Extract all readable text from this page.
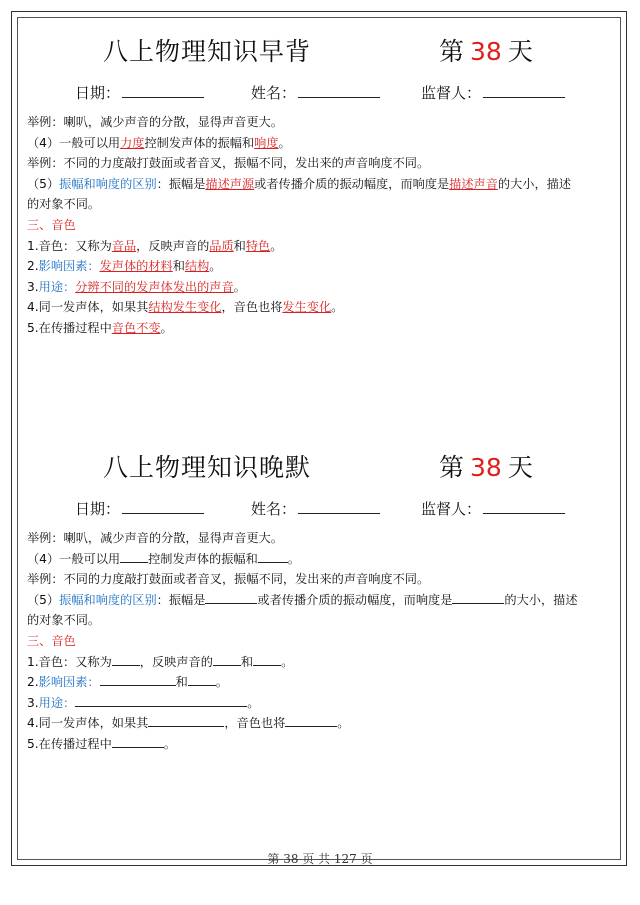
八上物理知识早背	第 38 天
日期：	姓名：	监督人：
举例：喇叭，减少声音的分散，显得声音更大。
（4）一般可以用力度控制发声体的振幅和响度。
举例：不同的力度敲打鼓面或者音叉，振幅不同，发出来的声音响度不同。
（5）振幅和响度的区别：振幅是描述声源或者传播介质的振动幅度，而响度是描述声音的大小，描述
的对象不同。
三、音色
1.音色：又称为音品，反映声音的品质和特色。
2.影响因素：发声体的材料和结构。
3.用途：分辨不同的发声体发出的声音。
4.同一发声体，如果其结构发生变化，音色也将发生变化。
5.在传播过程中音色不变。
八上物理知识晚默	第 38 天
日期：	姓名：	监督人：
举例：喇叭，减少声音的分散，显得声音更大。
（4）一般可以用 控制发声体的振幅和 。
举例：不同的力度敲打鼓面或者音叉，振幅不同，发出来的声音响度不同。
（5）振幅和响度的区别：振幅是	或者传播介质的振动幅度，而响度是	的大小，描述
的对象不同。
三、音色
1.音色：又称为 ，反映声音的 和 。
2.影响因素：	和 。
3.用途：	。
4.同一发声体，如果其	，音色也将	。
5.在传播过程中	。
第 38 页 共 127 页
